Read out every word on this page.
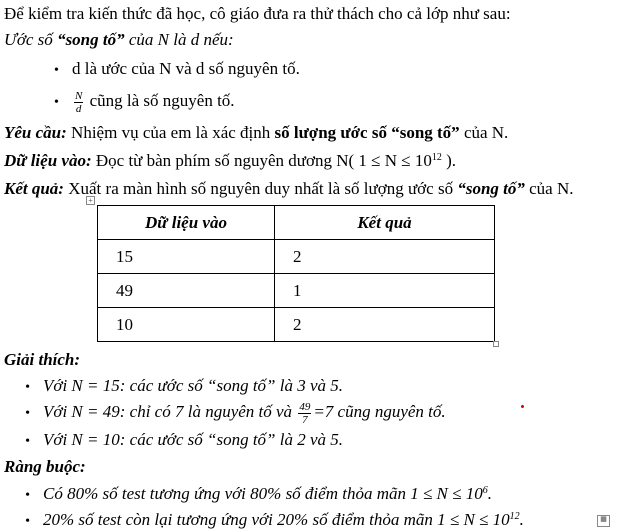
Để kiểm tra kiến thức đã học, cô giáo đưa ra thử thách cho cả lớp như sau:
Ước số “song tố” của N là d nếu:
• d là ước của N và d số nguyên tố.
• $\frac{N}{d}$ cũng là số nguyên tố.
Yêu cầu: Nhiệm vụ của em là xác định số lượng ước số “song tố” của N.
Dữ liệu vào: Đọc từ bàn phím số nguyên dương N( $1 \le N \le 10^{12}$ ).
Kết quả: Xuất ra màn hình số nguyên duy nhất là số lượng ước số “song tố” của N.
+
Dữ liệu vào	Kết quả
15	2
49	1
10	2
Giải thích:
• Với N = 15: các ước số “song tố” là 3 và 5.
• Với N = 49: chỉ có 7 là nguyên tố và $\frac{49}{7} =7$ cũng nguyên tố.
• Với N = 10: các ước số “song tố” là 2 và 5.
Ràng buộc:
• Có 80% số test tương ứng với 80% số điểm thỏa mãn $1 \le N \le 10^6$.
• 20% số test còn lại tương ứng với 20% số điểm thỏa mãn $1 \le N \le 10^{12}$.	▦
